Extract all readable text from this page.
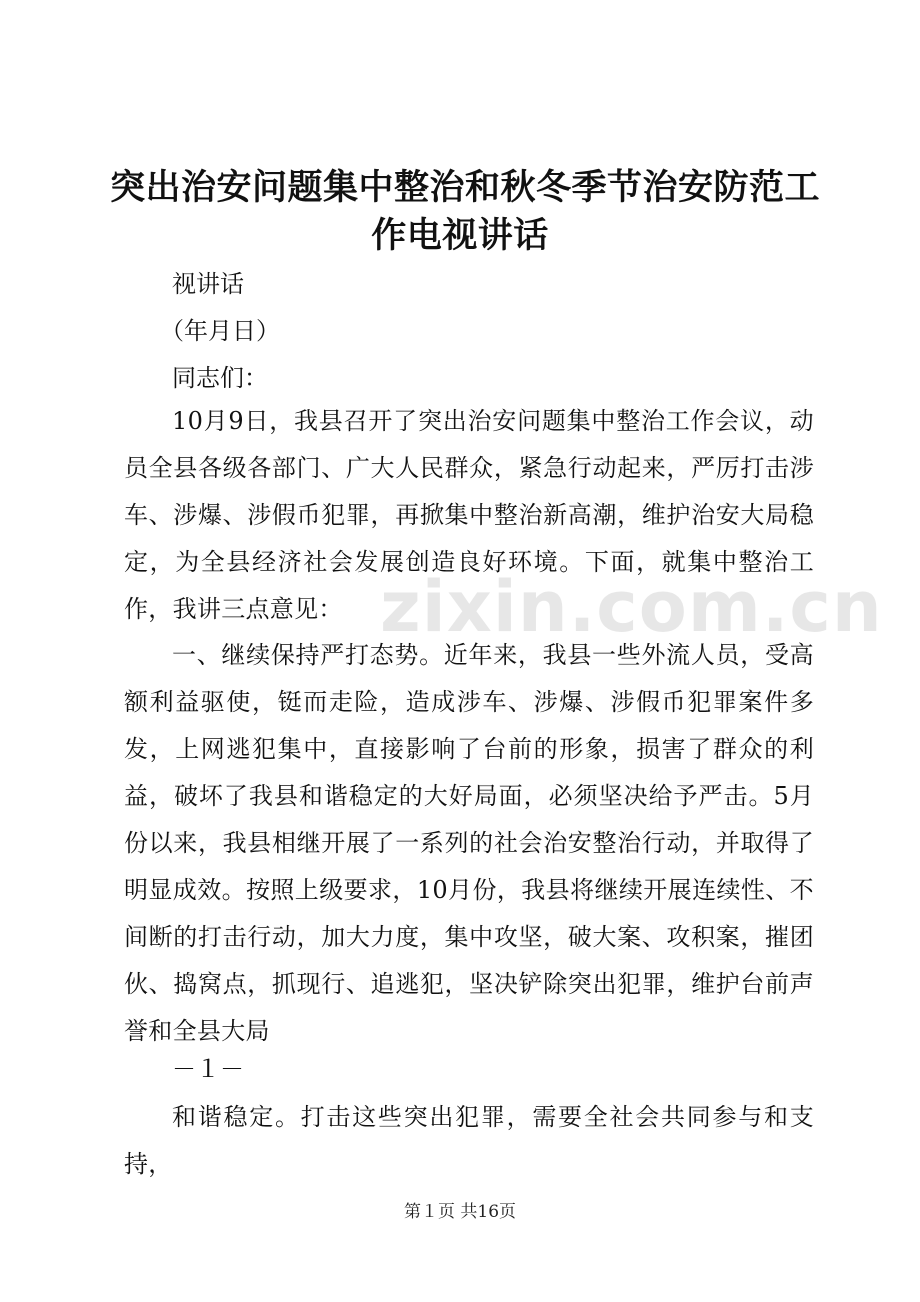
突出治安问题集中整治和秋冬季节治安防范工
作电视讲话
视讲话
（年月日）
同志们：
10月9日，我县召开了突出治安问题集中整治工作会议，动员全县各级各部门、广大人民群众，紧急行动起来，严厉打击涉车、涉爆、涉假币犯罪，再掀集中整治新高潮，维护治安大局稳定，为全县经济社会发展创造良好环境。下面，就集中整治工作，我讲三点意见：
一、继续保持严打态势。近年来，我县一些外流人员，受高额利益驱使，铤而走险，造成涉车、涉爆、涉假币犯罪案件多发，上网逃犯集中，直接影响了台前的形象，损害了群众的利益，破坏了我县和谐稳定的大好局面，必须坚决给予严击。5月份以来，我县相继开展了一系列的社会治安整治行动，并取得了明显成效。按照上级要求，10月份，我县将继续开展连续性、不间断的打击行动，加大力度，集中攻坚，破大案、攻积案，摧团伙、捣窝点，抓现行、追逃犯，坚决铲除突出犯罪，维护台前声誉和全县大局
－１－
和谐稳定。打击这些突出犯罪，需要全社会共同参与和支持，
第１页 共16页
zixin.com.cn
